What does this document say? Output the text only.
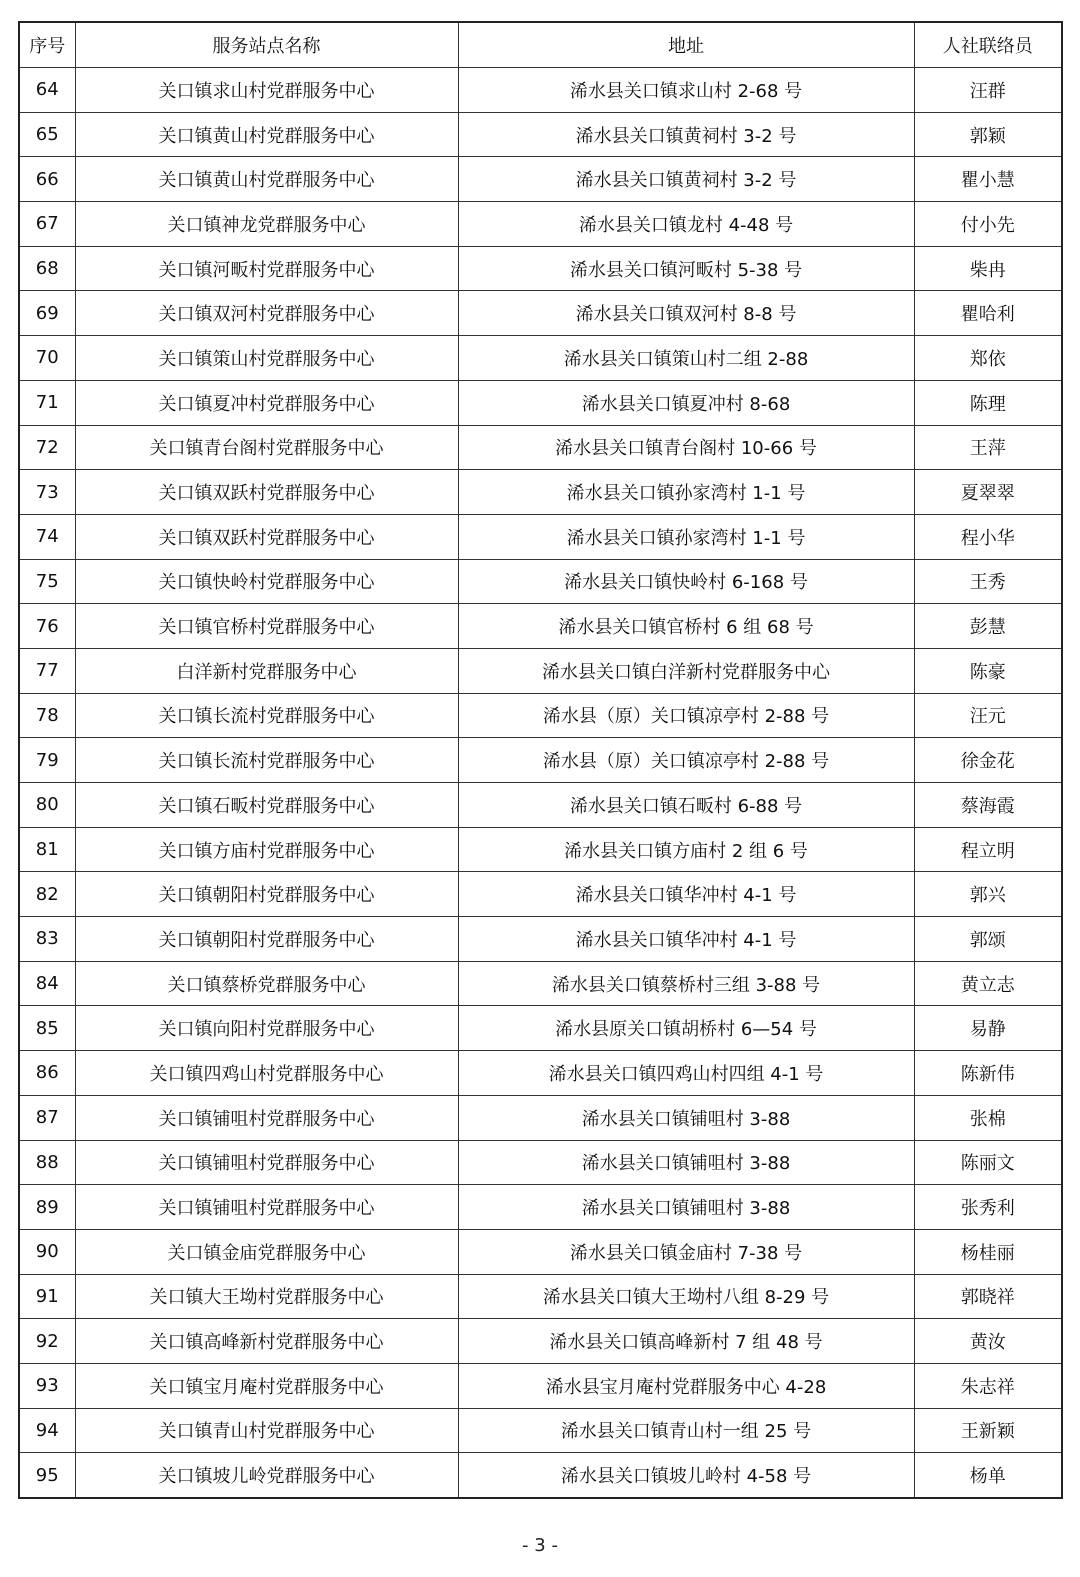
序号	服务站点名称	地址	人社联络员
64	关口镇求山村党群服务中心	浠水县关口镇求山村 2-68 号	汪群
65	关口镇黄山村党群服务中心	浠水县关口镇黄祠村 3-2 号	郭颖
66	关口镇黄山村党群服务中心	浠水县关口镇黄祠村 3-2 号	瞿小慧
67	关口镇神龙党群服务中心	浠水县关口镇龙村 4-48 号	付小先
68	关口镇河畈村党群服务中心	浠水县关口镇河畈村 5-38 号	柴冉
69	关口镇双河村党群服务中心	浠水县关口镇双河村 8-8 号	瞿哈利
70	关口镇策山村党群服务中心	浠水县关口镇策山村二组 2-88	郑依
71	关口镇夏冲村党群服务中心	浠水县关口镇夏冲村 8-68	陈理
72	关口镇青台阁村党群服务中心	浠水县关口镇青台阁村 10-66 号	王萍
73	关口镇双跃村党群服务中心	浠水县关口镇孙家湾村 1-1 号	夏翠翠
74	关口镇双跃村党群服务中心	浠水县关口镇孙家湾村 1-1 号	程小华
75	关口镇快岭村党群服务中心	浠水县关口镇快岭村 6-168 号	王秀
76	关口镇官桥村党群服务中心	浠水县关口镇官桥村 6 组 68 号	彭慧
77	白洋新村党群服务中心	浠水县关口镇白洋新村党群服务中心	陈豪
78	关口镇长流村党群服务中心	浠水县（原）关口镇凉亭村 2-88 号	汪元
79	关口镇长流村党群服务中心	浠水县（原）关口镇凉亭村 2-88 号	徐金花
80	关口镇石畈村党群服务中心	浠水县关口镇石畈村 6-88 号	蔡海霞
81	关口镇方庙村党群服务中心	浠水县关口镇方庙村 2 组 6 号	程立明
82	关口镇朝阳村党群服务中心	浠水县关口镇华冲村 4-1 号	郭兴
83	关口镇朝阳村党群服务中心	浠水县关口镇华冲村 4-1 号	郭颂
84	关口镇蔡桥党群服务中心	浠水县关口镇蔡桥村三组 3-88 号	黄立志
85	关口镇向阳村党群服务中心	浠水县原关口镇胡桥村 6—54 号	易静
86	关口镇四鸡山村党群服务中心	浠水县关口镇四鸡山村四组 4-1 号	陈新伟
87	关口镇铺咀村党群服务中心	浠水县关口镇铺咀村 3-88	张棉
88	关口镇铺咀村党群服务中心	浠水县关口镇铺咀村 3-88	陈丽文
89	关口镇铺咀村党群服务中心	浠水县关口镇铺咀村 3-88	张秀利
90	关口镇金庙党群服务中心	浠水县关口镇金庙村 7-38 号	杨桂丽
91	关口镇大王坳村党群服务中心	浠水县关口镇大王坳村八组 8-29 号	郭晓祥
92	关口镇高峰新村党群服务中心	浠水县关口镇高峰新村 7 组 48 号	黄汝
93	关口镇宝月庵村党群服务中心	浠水县宝月庵村党群服务中心 4-28	朱志祥
94	关口镇青山村党群服务中心	浠水县关口镇青山村一组 25 号	王新颖
95	关口镇坡儿岭党群服务中心	浠水县关口镇坡儿岭村 4-58 号	杨单
- 3 -
